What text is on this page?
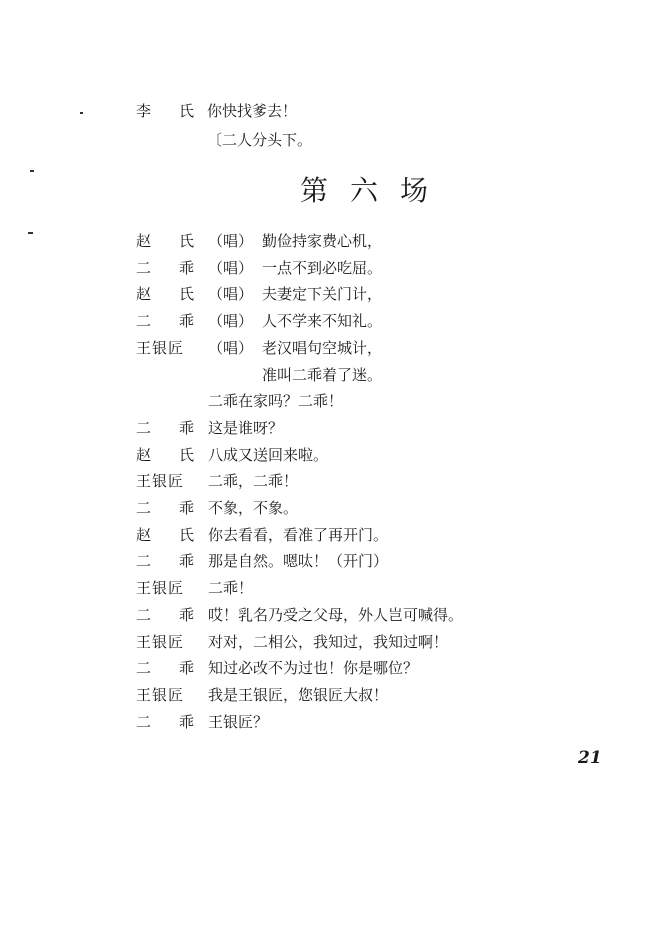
李 氏 你快找爹去！
〔二人分头下。
第六场
赵 氏 （唱） 勤俭持家费心机，
二 乖 （唱） 一点不到必吃屈。
赵 氏 （唱） 夫妻定下关门计，
二 乖 （唱） 人不学来不知礼。
王银匠	（唱） 老汉唱句空城计，
准叫二乖着了迷。
二乖在家吗？二乖！
二 乖 这是谁呀？
赵 氏 八成又送回来啦。
王银匠	二乖，二乖！
二 乖 不象，不象。
赵 氏 你去看看，看准了再开门。
二 乖 那是自然。嗯呔！（开门）
王银匠	二乖！
二 乖 哎！乳名乃受之父母，外人岂可喊得。
王银匠	对对，二相公，我知过，我知过啊！
二 乖 知过必改不为过也！你是哪位？
王银匠	我是王银匠，您银匠大叔！
二 乖 王银匠？
21
